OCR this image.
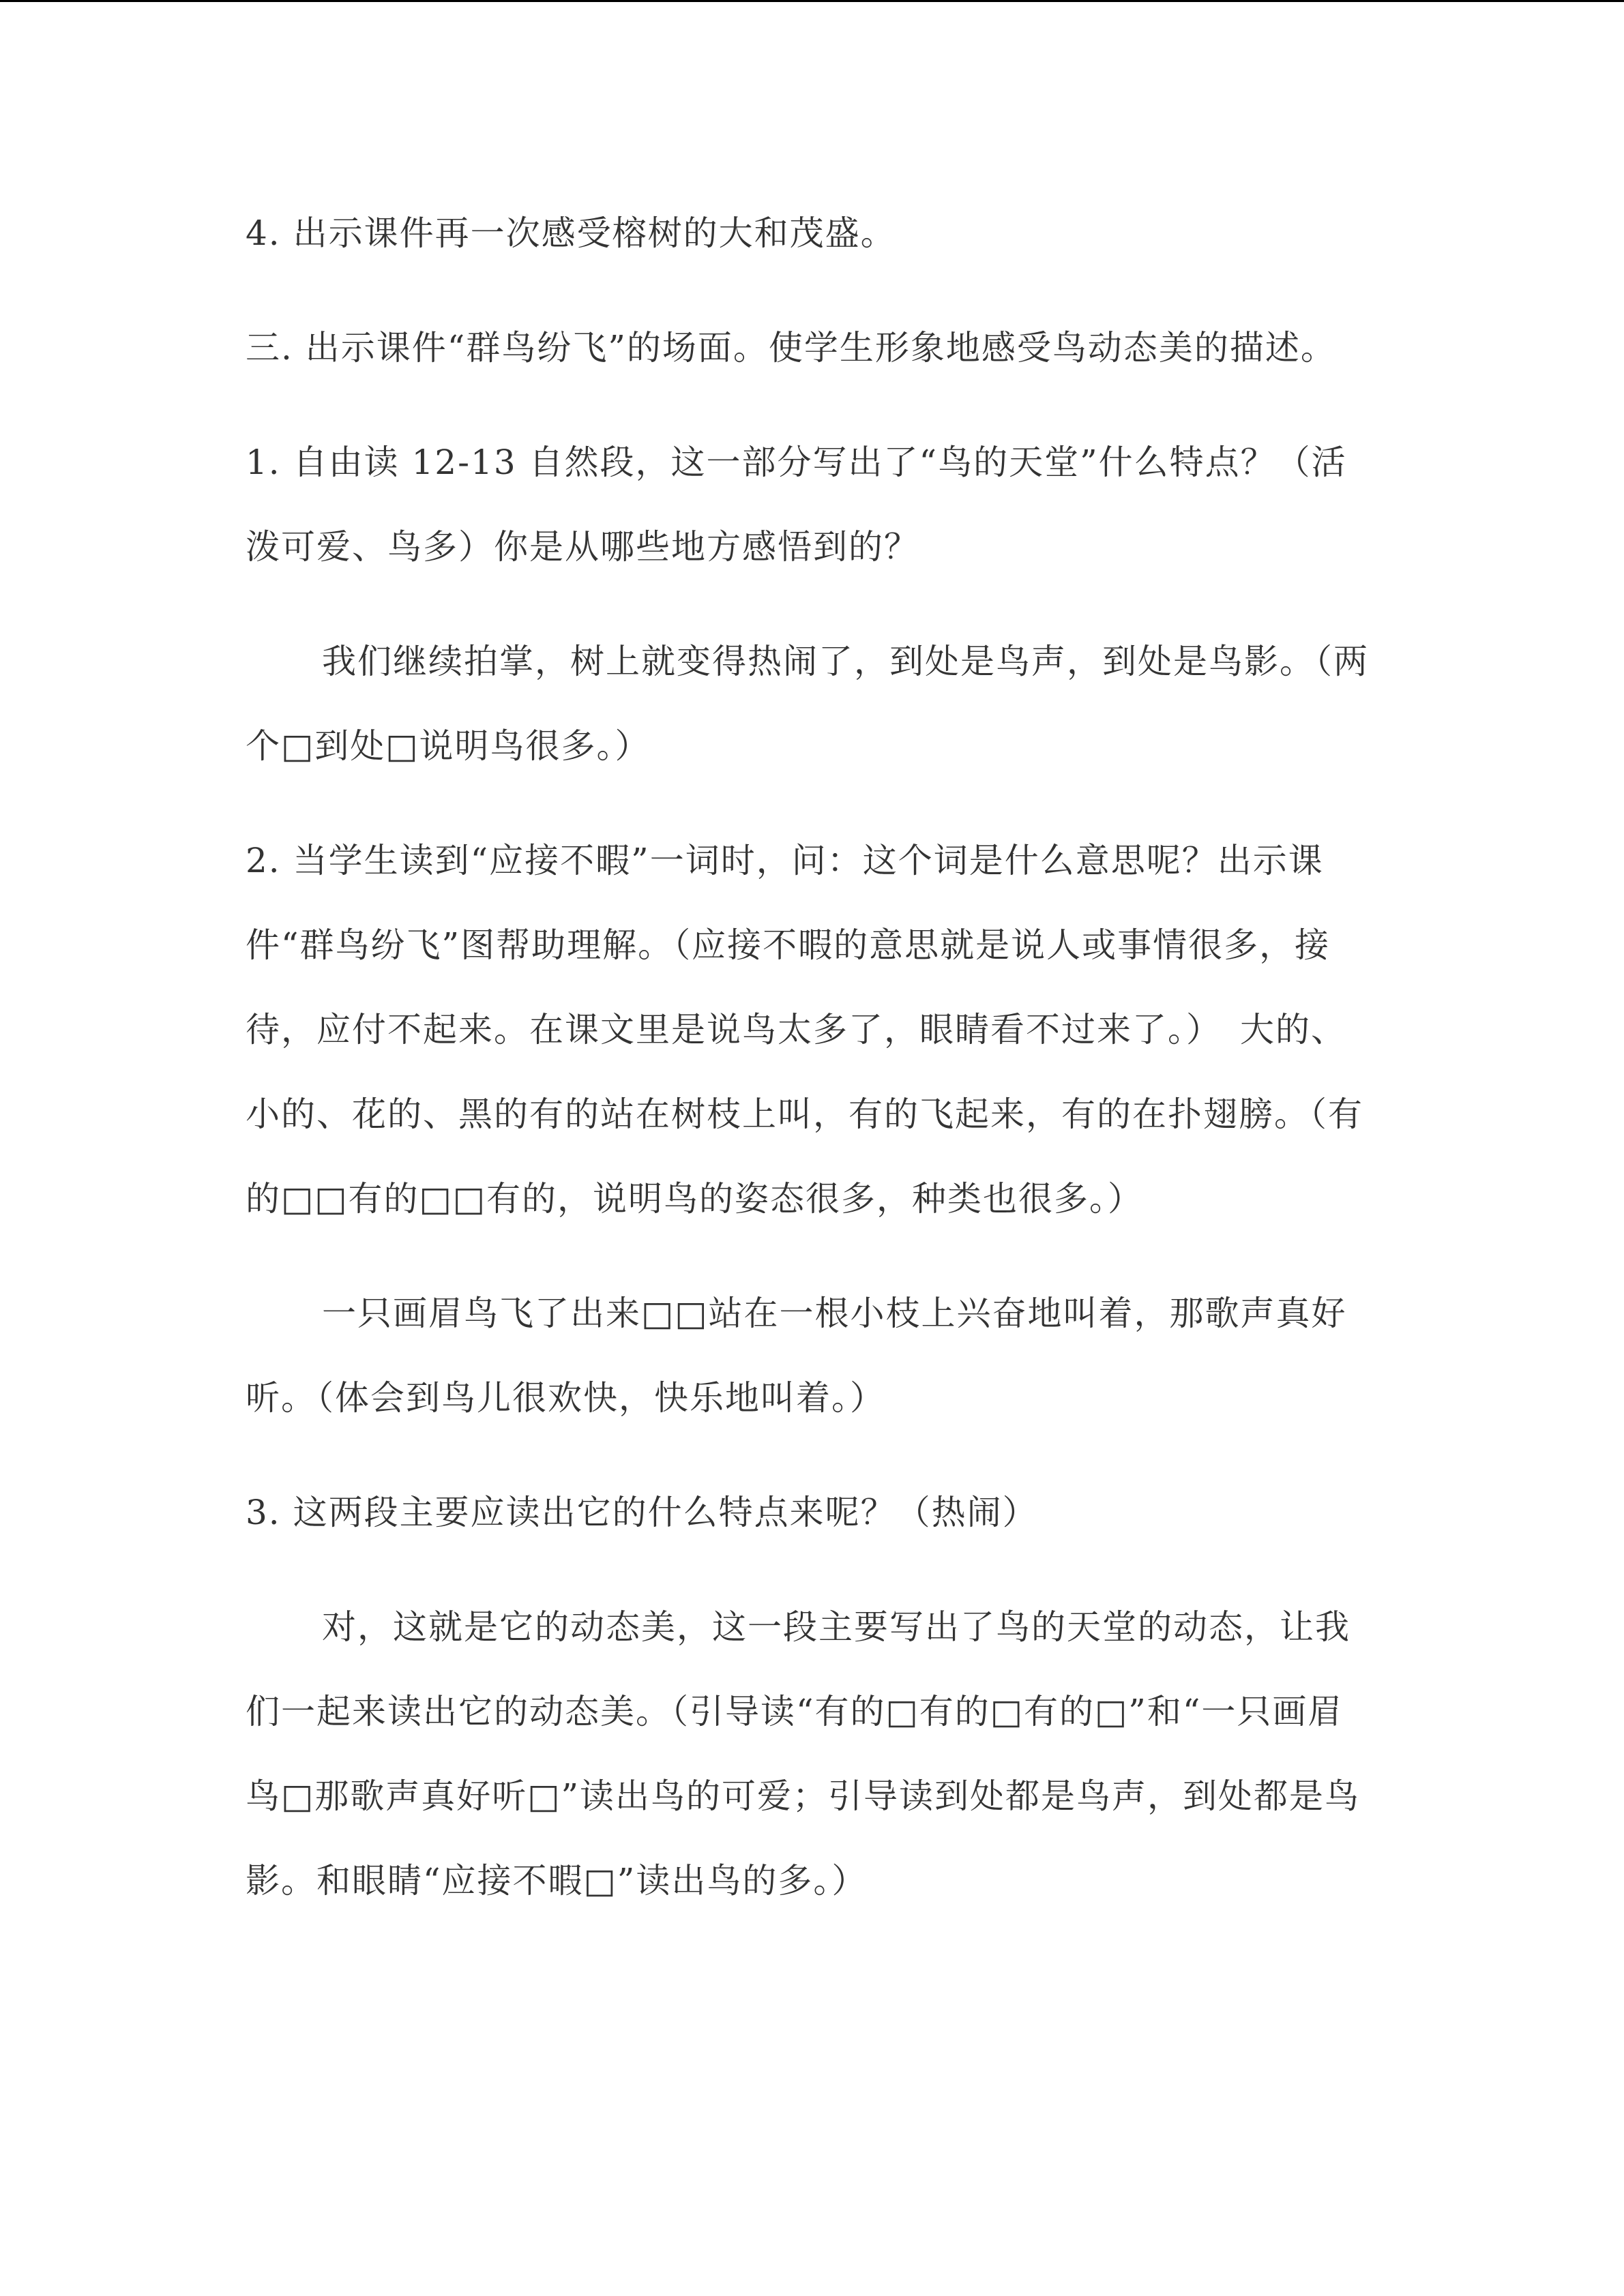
4. 出示课件再一次感受榕树的大和茂盛。

三. 出示课件“群鸟纷飞”的场面。使学生形象地感受鸟动态美的描述。

1. 自由读 12-13 自然段，这一部分写出了“鸟的天堂”什么特点？（活泼可爱、鸟多）你是从哪些地方感悟到的？

我们继续拍掌，树上就变得热闹了，到处是鸟声，到处是鸟影。（两个□到处□说明鸟很多。）

2. 当学生读到“应接不暇”一词时，问：这个词是什么意思呢？出示课件“群鸟纷飞”图帮助理解。（应接不暇的意思就是说人或事情很多，接待，应付不起来。在课文里是说鸟太多了，眼睛看不过来了。）　大的、小的、花的、黑的有的站在树枝上叫，有的飞起来，有的在扑翅膀。（有的□□有的□□有的，说明鸟的姿态很多，种类也很多。）

一只画眉鸟飞了出来□□站在一根小枝上兴奋地叫着，那歌声真好听。（体会到鸟儿很欢快，快乐地叫着。）

3. 这两段主要应读出它的什么特点来呢？（热闹）

对，这就是它的动态美，这一段主要写出了鸟的天堂的动态，让我们一起来读出它的动态美。（引导读“有的□有的□有的□”和“一只画眉鸟□那歌声真好听□”读出鸟的可爱；引导读到处都是鸟声，到处都是鸟影。和眼睛“应接不暇□”读出鸟的多。）
